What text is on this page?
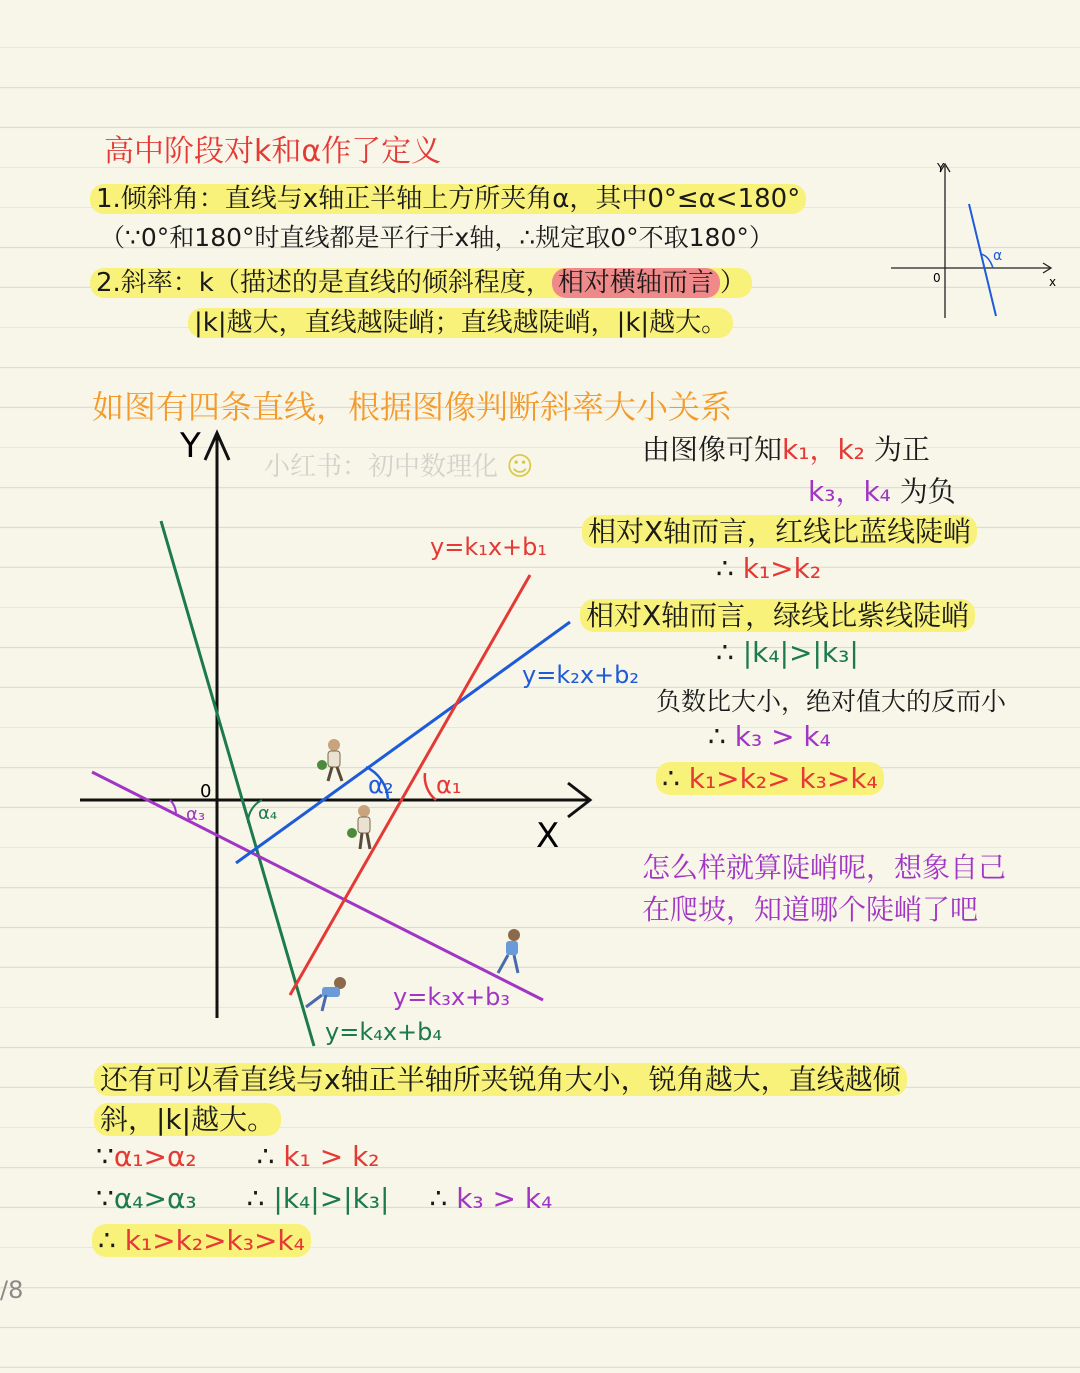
高中阶段对k和α作了定义
1.倾斜角：直线与x轴正半轴上方所夹角α，其中0°≤α<180°
（∵0°和180°时直线都是平行于x轴，∴规定取0°不取180°）
2.斜率：k（描述的是直线的倾斜程度， 相对横轴而言 ）
|k|越大，直线越陡峭；直线越陡峭，|k|越大。
Y
x
0
α
如图有四条直线，根据图像判断斜率大小关系
小红书：初中数理化 ☺
Y
X
0
y=k₁x+b₁
y=k₂x+b₂
y=k₃x+b₃
y=k₄x+b₄
α₁
α₂
α₃	α₄
由图像可知k₁，k₂ 为正
k₃，k₄ 为负
相对X轴而言，红线比蓝线陡峭
∴ k₁>k₂
相对X轴而言，绿线比紫线陡峭
∴ |k₄|>|k₃|
负数比大小，绝对值大的反而小
∴ k₃ > k₄
∴ k₁>k₂> k₃>k₄
怎么样就算陡峭呢，想象自己
在爬坡，知道哪个陡峭了吧
还有可以看直线与x轴正半轴所夹锐角大小，锐角越大，直线越倾
斜，|k|越大。
∵α₁>α₂ ∴ k₁ > k₂
∵α₄>α₃ ∴ |k₄|>|k₃| ∴ k₃ > k₄
∴ k₁>k₂>k₃>k₄
/8
